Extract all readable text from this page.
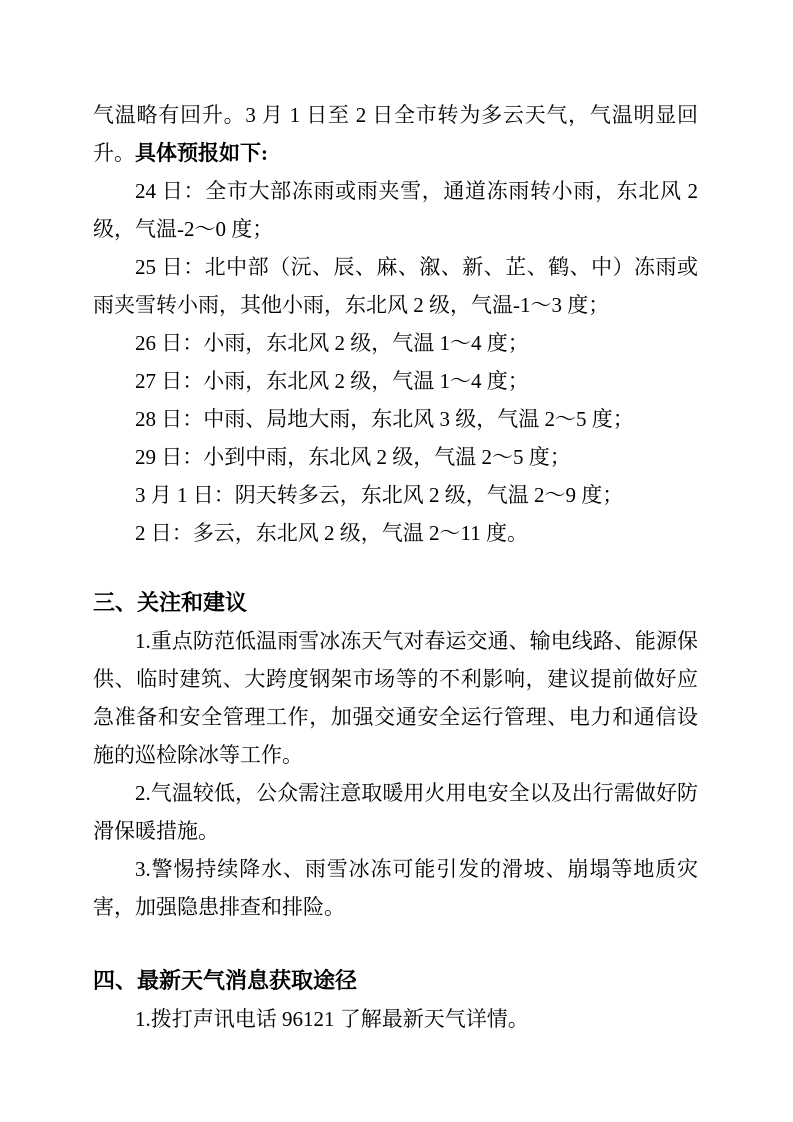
气温略有回升。3 月 1 日至 2 日全市转为多云天气，气温明显回升。具体预报如下:

24 日：全市大部冻雨或雨夹雪，通道冻雨转小雨，东北风 2 级，气温-2～0 度；

25 日：北中部（沅、辰、麻、溆、新、芷、鹤、中）冻雨或雨夹雪转小雨，其他小雨，东北风 2 级，气温-1～3 度；

26 日：小雨，东北风 2 级，气温 1～4 度；

27 日：小雨，东北风 2 级，气温 1～4 度；

28 日：中雨、局地大雨，东北风 3 级，气温 2～5 度；

29 日：小到中雨，东北风 2 级，气温 2～5 度；

3 月 1 日：阴天转多云，东北风 2 级，气温 2～9 度；

2 日：多云，东北风 2 级，气温 2～11 度。

三、关注和建议

1.重点防范低温雨雪冰冻天气对春运交通、输电线路、能源保供、临时建筑、大跨度钢架市场等的不利影响，建议提前做好应急准备和安全管理工作，加强交通安全运行管理、电力和通信设施的巡检除冰等工作。

2.气温较低，公众需注意取暖用火用电安全以及出行需做好防滑保暖措施。

3.警惕持续降水、雨雪冰冻可能引发的滑坡、崩塌等地质灾害，加强隐患排查和排险。

四、最新天气消息获取途径

1.拨打声讯电话 96121 了解最新天气详情。
